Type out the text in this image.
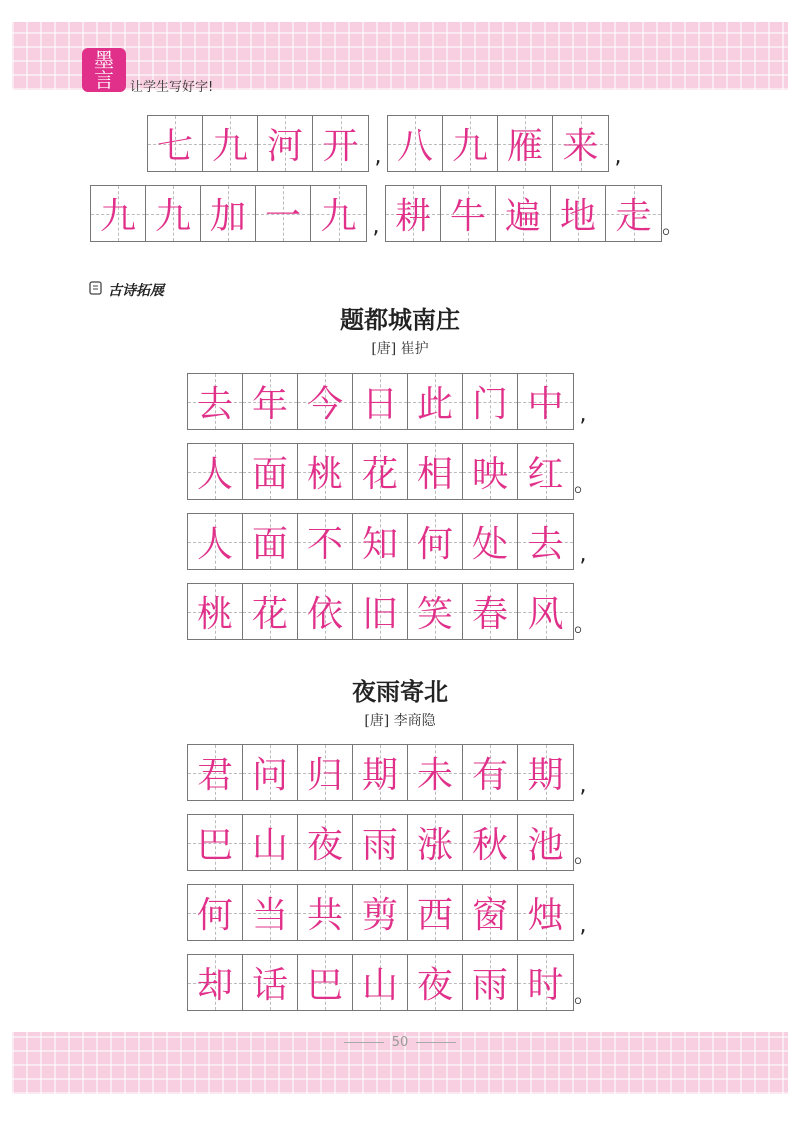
墨
言	让学生写好字!
七 九 河 开 , 八 九 雁 来 ,
九 九 加 一 九 , 耕 牛 遍 地 走 。
古诗拓展
题都城南庄
[唐] 崔护
去 年 今 日 此 门 中 ,
人 面 桃 花 相 映 红 。
人 面 不 知 何 处 去 ,
桃 花 依 旧 笑 春 风 。
夜雨寄北
[唐] 李商隐
君 问 归 期 未 有 期 ,
巴 山 夜 雨 涨 秋 池 。
何 当 共 剪 西 窗 烛 ,
却 话 巴 山 夜 雨 时 。
50
